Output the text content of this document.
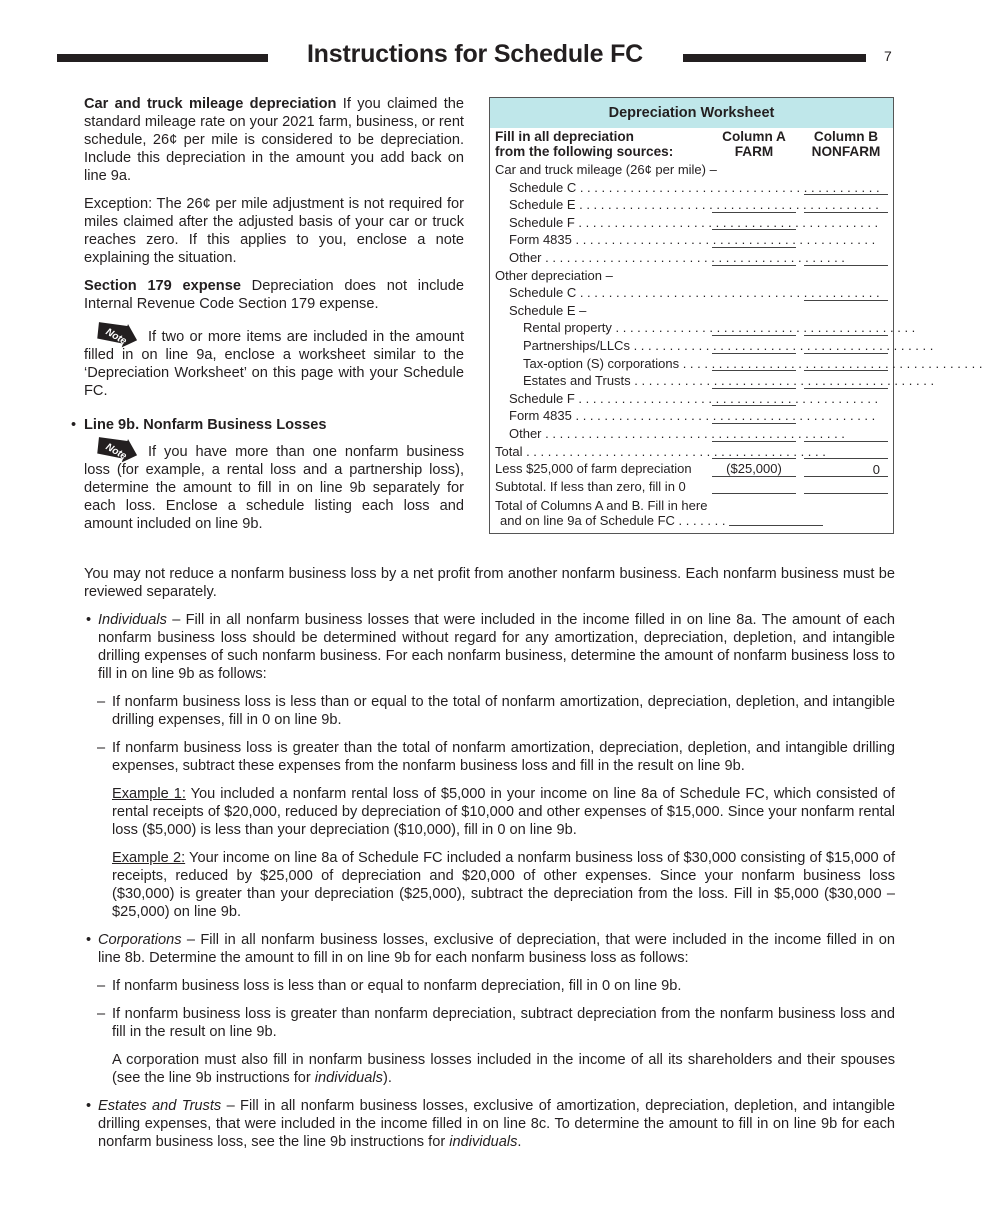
Instructions for Schedule FC	7

Car and truck mileage depreciation If you claimed the standard mileage rate on your 2021 farm, business, or rent schedule, 26¢ per mile is considered to be depreciation. Include this depreciation in the amount you add back on line 9a.

Exception: The 26¢ per mile adjustment is not required for miles claimed after the adjusted basis of your car or truck reaches zero. If this applies to you, enclose a note explaining the situation.

Section 179 expense Depreciation does not include Internal Revenue Code Section 179 expense.

Note If two or more items are included in the amount filled in on line 9a, enclose a worksheet similar to the ‘Depreciation Worksheet’ on this page with your Schedule FC.

• Line 9b. Nonfarm Business Losses

Note If you have more than one nonfarm business loss (for example, a rental loss and a partnership loss), determine the amount to fill in on line 9b separately for each loss. Enclose a schedule listing each loss and amount included on line 9b.

Depreciation Worksheet
Fill in all depreciation
from the following sources:
Column A
FARM
Column B
NONFARM
Car and truck mileage (26¢ per mile) –
Schedule C . . . . . . . . . . . . . . . . . . . . . . . . . . . . . . . . . . . . . . . . . .
Schedule E . . . . . . . . . . . . . . . . . . . . . . . . . . . . . . . . . . . . . . . . . .
Schedule F . . . . . . . . . . . . . . . . . . . . . . . . . . . . . . . . . . . . . . . . . .
Form 4835 . . . . . . . . . . . . . . . . . . . . . . . . . . . . . . . . . . . . . . . . . .
Other . . . . . . . . . . . . . . . . . . . . . . . . . . . . . . . . . . . . . . . . . .
Other depreciation –
Schedule C . . . . . . . . . . . . . . . . . . . . . . . . . . . . . . . . . . . . . . . . . .
Schedule E –
Rental property . . . . . . . . . . . . . . . . . . . . . . . . . . . . . . . . . . . . . . . . . .
Partnerships/LLCs . . . . . . . . . . . . . . . . . . . . . . . . . . . . . . . . . . . . . . . . . .
Tax-option (S) corporations . . . . . . . . . . . . . . . . . . . . . . . . . . . . . . . . . . . . . . . . . .
Estates and Trusts . . . . . . . . . . . . . . . . . . . . . . . . . . . . . . . . . . . . . . . . . .
Schedule F . . . . . . . . . . . . . . . . . . . . . . . . . . . . . . . . . . . . . . . . . .
Form 4835 . . . . . . . . . . . . . . . . . . . . . . . . . . . . . . . . . . . . . . . . . .
Other . . . . . . . . . . . . . . . . . . . . . . . . . . . . . . . . . . . . . . . . . .
Total . . . . . . . . . . . . . . . . . . . . . . . . . . . . . . . . . . . . . . . . . .
Less $25,000 of farm depreciation	($25,000)	0
Subtotal. If less than zero, fill in 0
Total of Columns A and B. Fill in here
and on line 9a of Schedule FC . . . . . . .

You may not reduce a nonfarm business loss by a net profit from another nonfarm business. Each nonfarm business must be reviewed separately.

• Individuals – Fill in all nonfarm business losses that were included in the income filled in on line 8a. The amount of each nonfarm business loss should be determined without regard for any amortization, depreciation, depletion, and intangible drilling expenses of such nonfarm business. For each nonfarm business, determine the amount of nonfarm business loss to fill in on line 9b as follows:

– If nonfarm business loss is less than or equal to the total of nonfarm amortization, depreciation, depletion, and intangible drilling expenses, fill in 0 on line 9b.

– If nonfarm business loss is greater than the total of nonfarm amortization, depreciation, depletion, and intangible drilling expenses, subtract these expenses from the nonfarm business loss and fill in the result on line 9b.

Example 1: You included a nonfarm rental loss of $5,000 in your income on line 8a of Schedule FC, which consisted of rental receipts of $20,000, reduced by depreciation of $10,000 and other expenses of $15,000. Since your nonfarm rental loss ($5,000) is less than your depreciation ($10,000), fill in 0 on line 9b.

Example 2: Your income on line 8a of Schedule FC included a nonfarm business loss of $30,000 consisting of $15,000 of receipts, reduced by $25,000 of depreciation and $20,000 of other expenses. Since your nonfarm business loss ($30,000) is greater than your depreciation ($25,000), subtract the depreciation from the loss. Fill in $5,000 ($30,000 – $25,000) on line 9b.

• Corporations – Fill in all nonfarm business losses, exclusive of depreciation, that were included in the income filled in on line 8b. Determine the amount to fill in on line 9b for each nonfarm business loss as follows:

– If nonfarm business loss is less than or equal to nonfarm depreciation, fill in 0 on line 9b.

– If nonfarm business loss is greater than nonfarm depreciation, subtract depreciation from the nonfarm business loss and fill in the result on line 9b.

A corporation must also fill in nonfarm business losses included in the income of all its shareholders and their spouses (see the line 9b instructions for individuals).

• Estates and Trusts – Fill in all nonfarm business losses, exclusive of amortization, depreciation, depletion, and intangible drilling expenses, that were included in the income filled in on line 8c. To determine the amount to fill in on line 9b for each nonfarm business loss, see the line 9b instructions for individuals.
